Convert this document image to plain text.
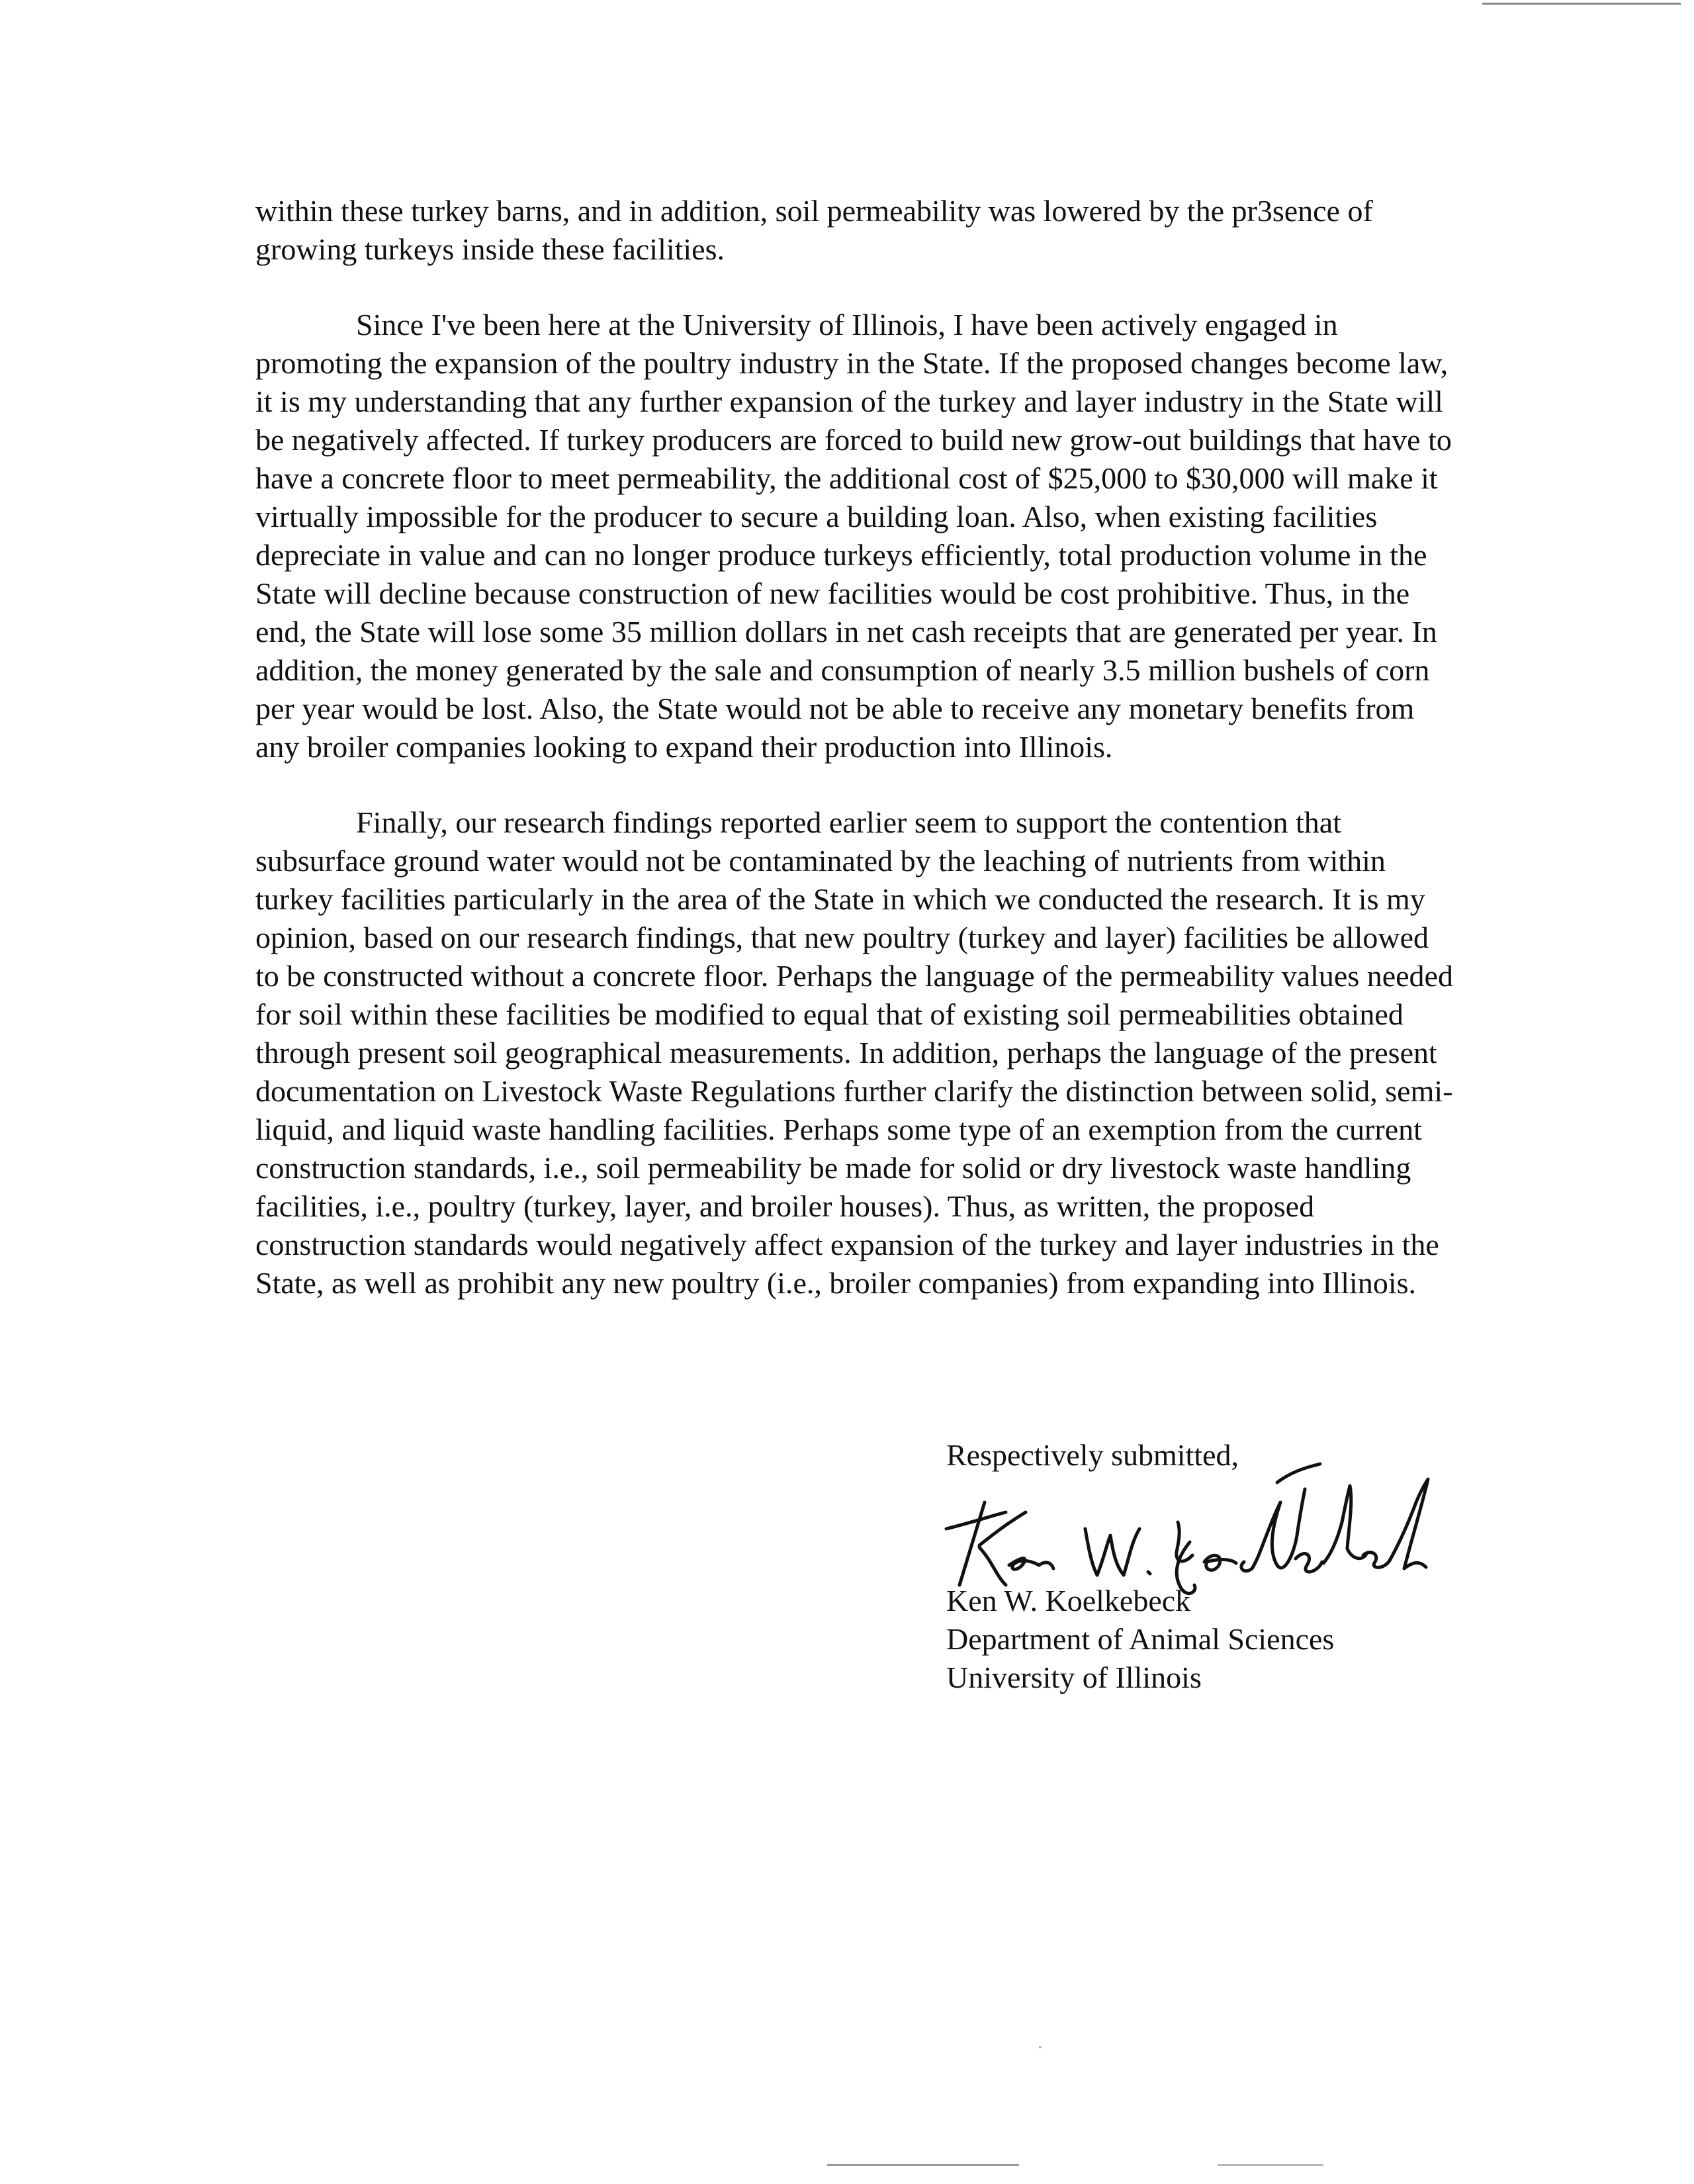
within these turkey barns, and in addition, soil permeability was lowered by the pr3sence of growing turkeys inside these facilities.

Since I've been here at the University of Illinois, I have been actively engaged in promoting the expansion of the poultry industry in the State. If the proposed changes become law, it is my understanding that any further expansion of the turkey and layer industry in the State will be negatively affected. If turkey producers are forced to build new grow-out buildings that have to have a concrete floor to meet permeability, the additional cost of $25,000 to $30,000 will make it virtually impossible for the producer to secure a building loan. Also, when existing facilities depreciate in value and can no longer produce turkeys efficiently, total production volume in the State will decline because construction of new facilities would be cost prohibitive. Thus, in the end, the State will lose some 35 million dollars in net cash receipts that are generated per year. In addition, the money generated by the sale and consumption of nearly 3.5 million bushels of corn per year would be lost. Also, the State would not be able to receive any monetary benefits from any broiler companies looking to expand their production into Illinois.

Finally, our research findings reported earlier seem to support the contention that subsurface ground water would not be contaminated by the leaching of nutrients from within turkey facilities particularly in the area of the State in which we conducted the research. It is my opinion, based on our research findings, that new poultry (turkey and layer) facilities be allowed to be constructed without a concrete floor. Perhaps the language of the permeability values needed for soil within these facilities be modified to equal that of existing soil permeabilities obtained through present soil geographical measurements. In addition, perhaps the language of the present documentation on Livestock Waste Regulations further clarify the distinction between solid, semi-liquid, and liquid waste handling facilities. Perhaps some type of an exemption from the current construction standards, i.e., soil permeability be made for solid or dry livestock waste handling facilities, i.e., poultry (turkey, layer, and broiler houses). Thus, as written, the proposed construction standards would negatively affect expansion of the turkey and layer industries in the State, as well as prohibit any new poultry (i.e., broiler companies) from expanding into Illinois.

Respectively submitted,

Ken W. Koelkebeck
Department of Animal Sciences
University of Illinois
